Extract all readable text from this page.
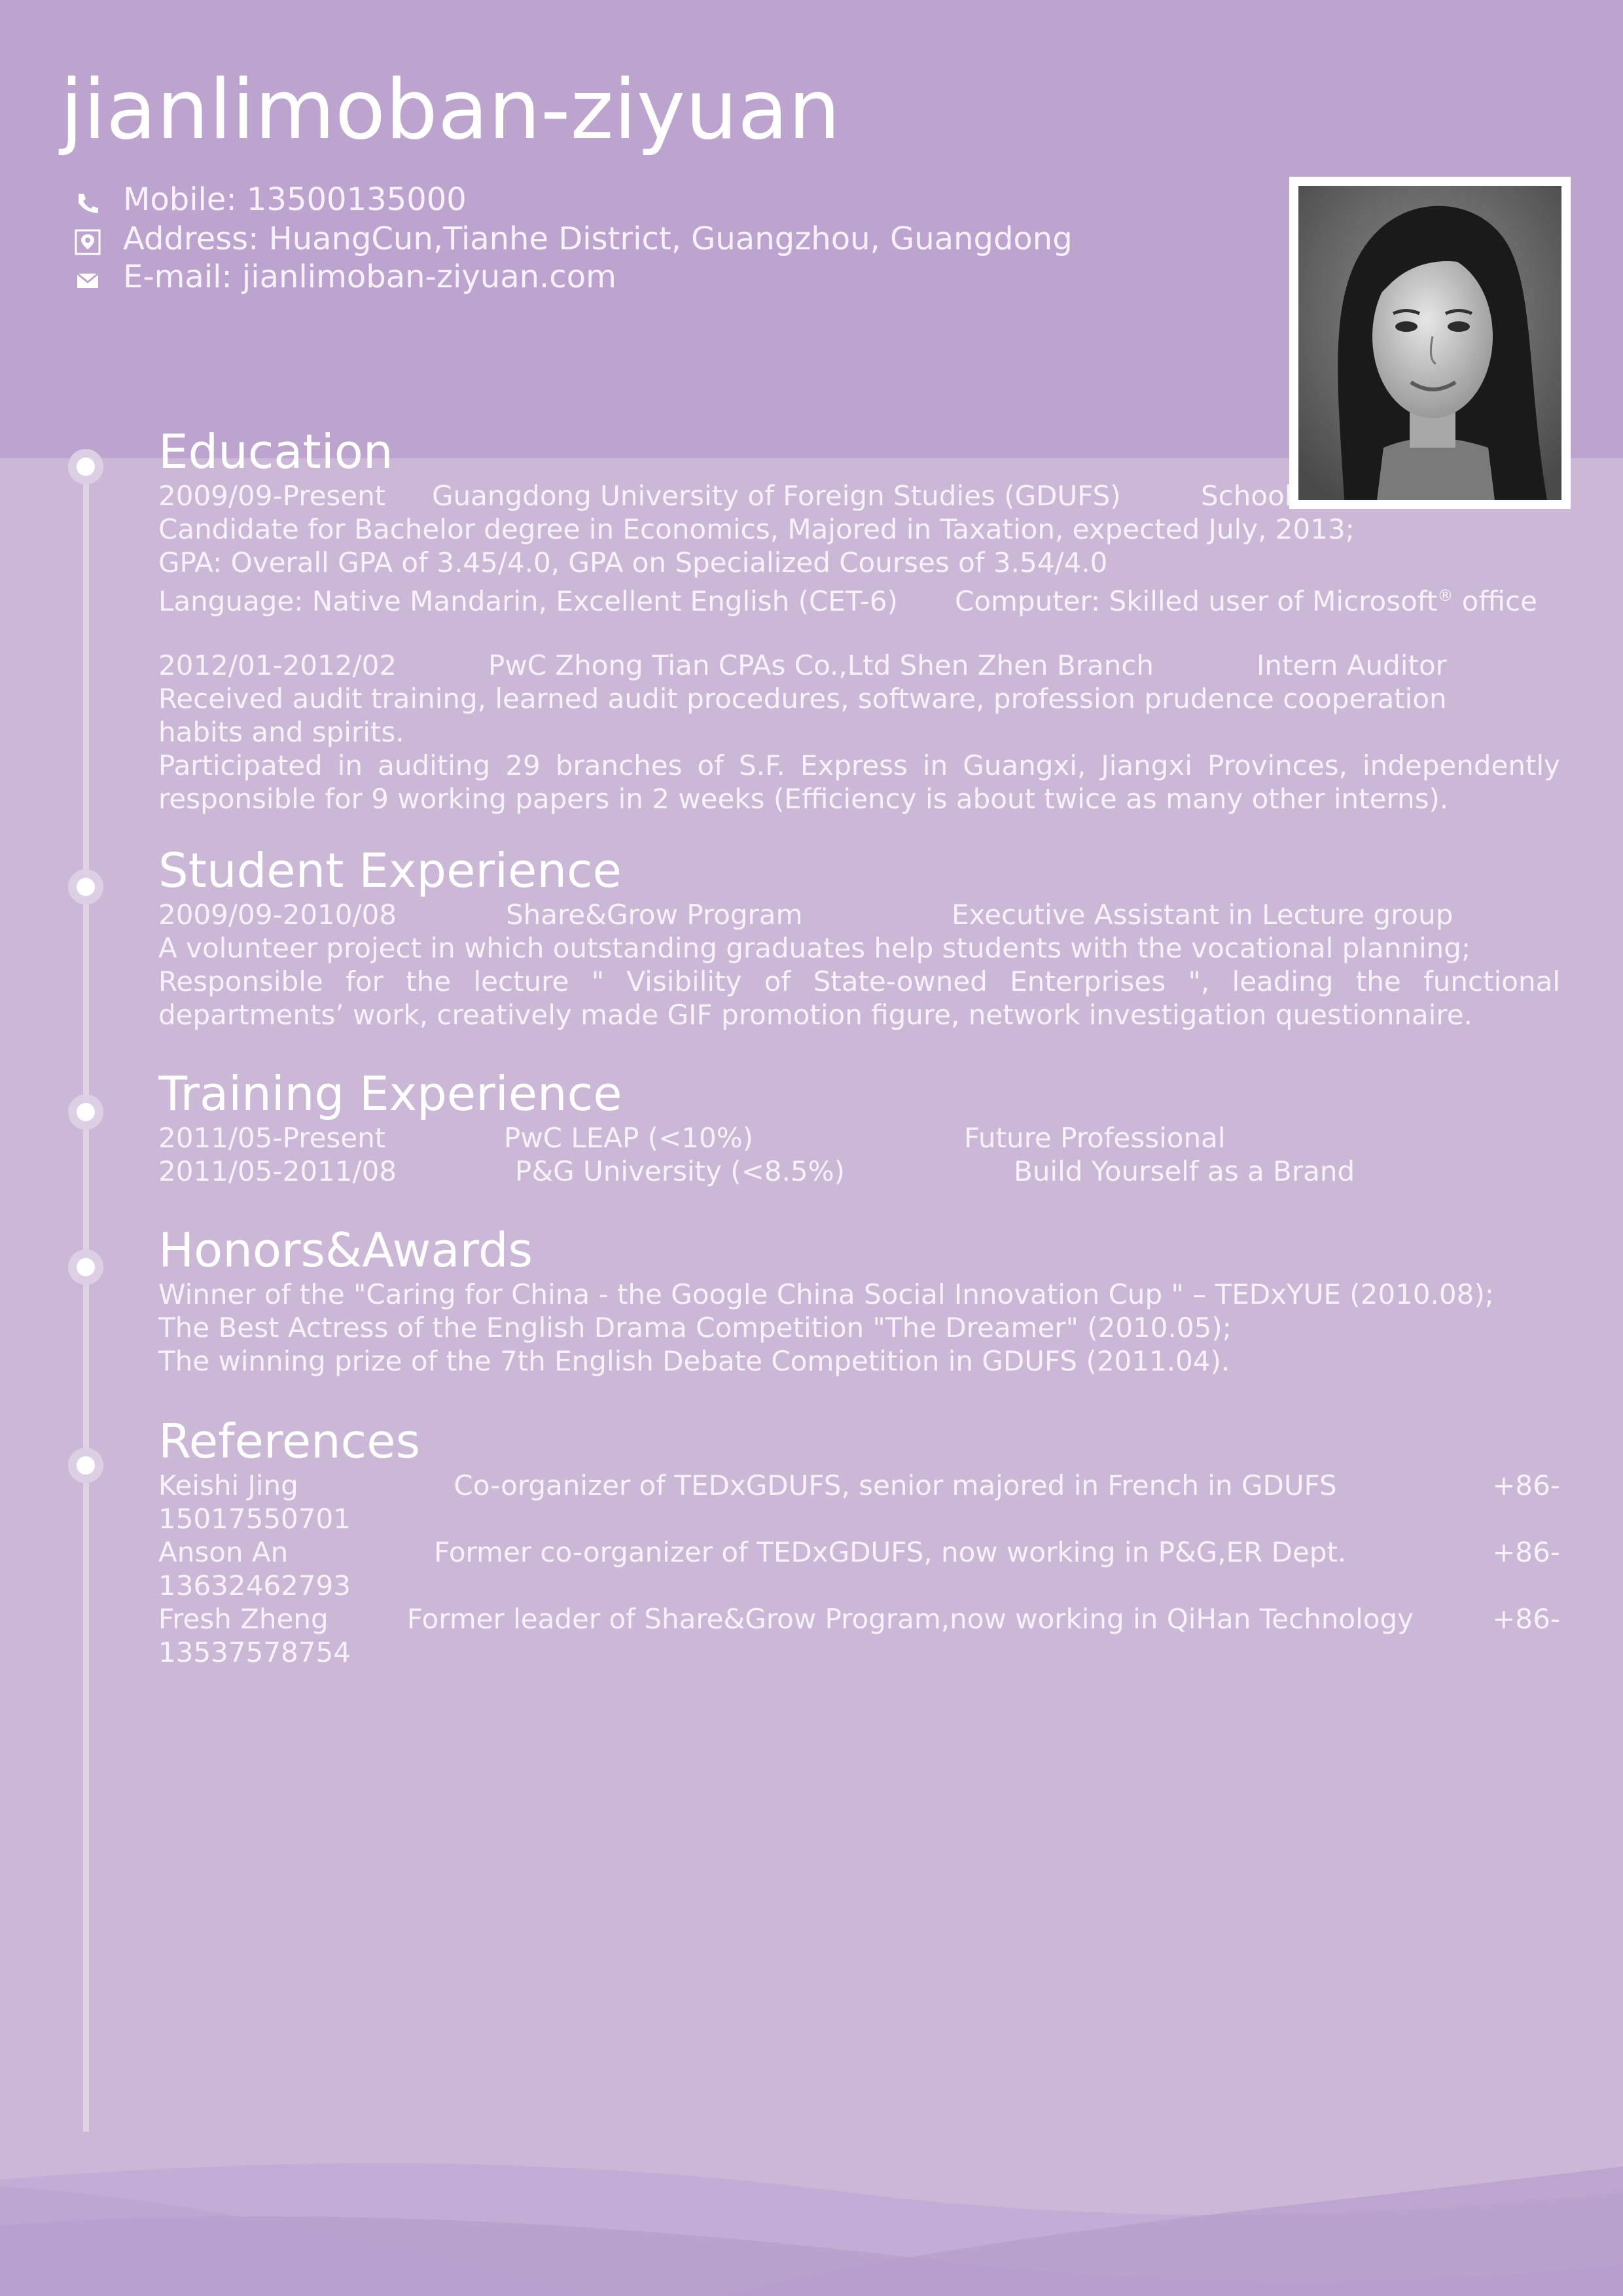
jianlimoban-ziyuan
Mobile: 13500135000
Address: HuangCun,Tianhe District, Guangzhou, Guangdong
E-mail: jianlimoban-ziyuan.com
Education
2009/09-Present Guangdong University of Foreign Studies (GDUFS)	School
Candidate for Bachelor degree in Economics, Majored in Taxation, expected July, 2013;
GPA: Overall GPA of 3.45/4.0, GPA on Specialized Courses of 3.54/4.0
Language: Native Mandarin, Excellent English (CET-6) Computer: Skilled user of Microsoft® office
2012/01-2012/02	PwC Zhong Tian CPAs Co.,Ltd Shen Zhen Branch	Intern Auditor
Received audit training, learned audit procedures, software, profession prudence cooperation habits and spirits.
Participated in auditing 29 branches of S.F. Express in Guangxi, Jiangxi Provinces, independently responsible for 9 working papers in 2 weeks (Efficiency is about twice as many other interns).
Student Experience
2009/09-2010/08	Share&Grow Program	Executive Assistant in Lecture group
A volunteer project in which outstanding graduates help students with the vocational planning;
Responsible for the lecture " Visibility of State-owned Enterprises ", leading the functional departments’ work, creatively made GIF promotion figure, network investigation questionnaire.
Training Experience
2011/05-Present	PwC LEAP (<10%)	Future Professional
2011/05-2011/08	P&G University (<8.5%)	Build Yourself as a Brand
Honors&Awards
Winner of the "Caring for China - the Google China Social Innovation Cup " – TEDxYUE (2010.08);
The Best Actress of the English Drama Competition "The Dreamer" (2010.05);
The winning prize of the 7th English Debate Competition in GDUFS (2011.04).
References
Keishi Jing	Co-organizer of TEDxGDUFS, senior majored in French in GDUFS	+86-
15017550701
Anson An	Former co-organizer of TEDxGDUFS, now working in P&G,ER Dept.	+86-
13632462793
Fresh Zheng	Former leader of Share&Grow Program,now working in QiHan Technology	+86-
13537578754
